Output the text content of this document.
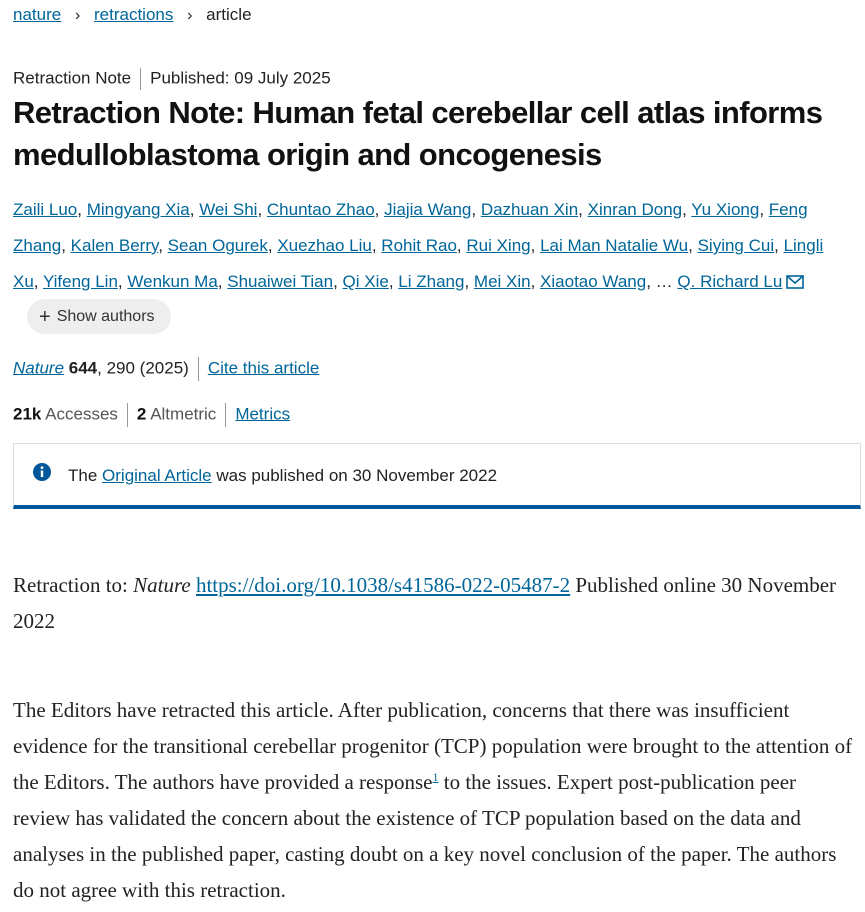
nature › retractions › article
Retraction Note Published: 09 July 2025
Retraction Note: Human fetal cerebellar cell atlas informs medulloblastoma origin and oncogenesis
Zaili Luo, Mingyang Xia, Wei Shi, Chuntao Zhao, Jiajia Wang, Dazhuan Xin, Xinran Dong, Yu Xiong, Feng Zhang, Kalen Berry, Sean Ogurek, Xuezhao Liu, Rohit Rao, Rui Xing, Lai Man Natalie Wu, Siying Cui, Lingli Xu, Yifeng Lin, Wenkun Ma, Shuaiwei Tian, Qi Xie, Li Zhang, Mei Xin, Xiaotao Wang, … Q. Richard Lu
+ Show authors
Nature 644, 290 (2025) Cite this article
21k Accesses 2 Altmetric Metrics
The Original Article was published on 30 November 2022

Retraction to: Nature https://doi.org/10.1038/s41586-022-05487-2 Published online 30 November 2022

The Editors have retracted this article. After publication, concerns that there was insufficient evidence for the transitional cerebellar progenitor (TCP) population were brought to the attention of the Editors. The authors have provided a response$^1$ to the issues. Expert post-publication peer review has validated the concern about the existence of TCP population based on the data and analyses in the published paper, casting doubt on a key novel conclusion of the paper. The authors do not agree with this retraction.
